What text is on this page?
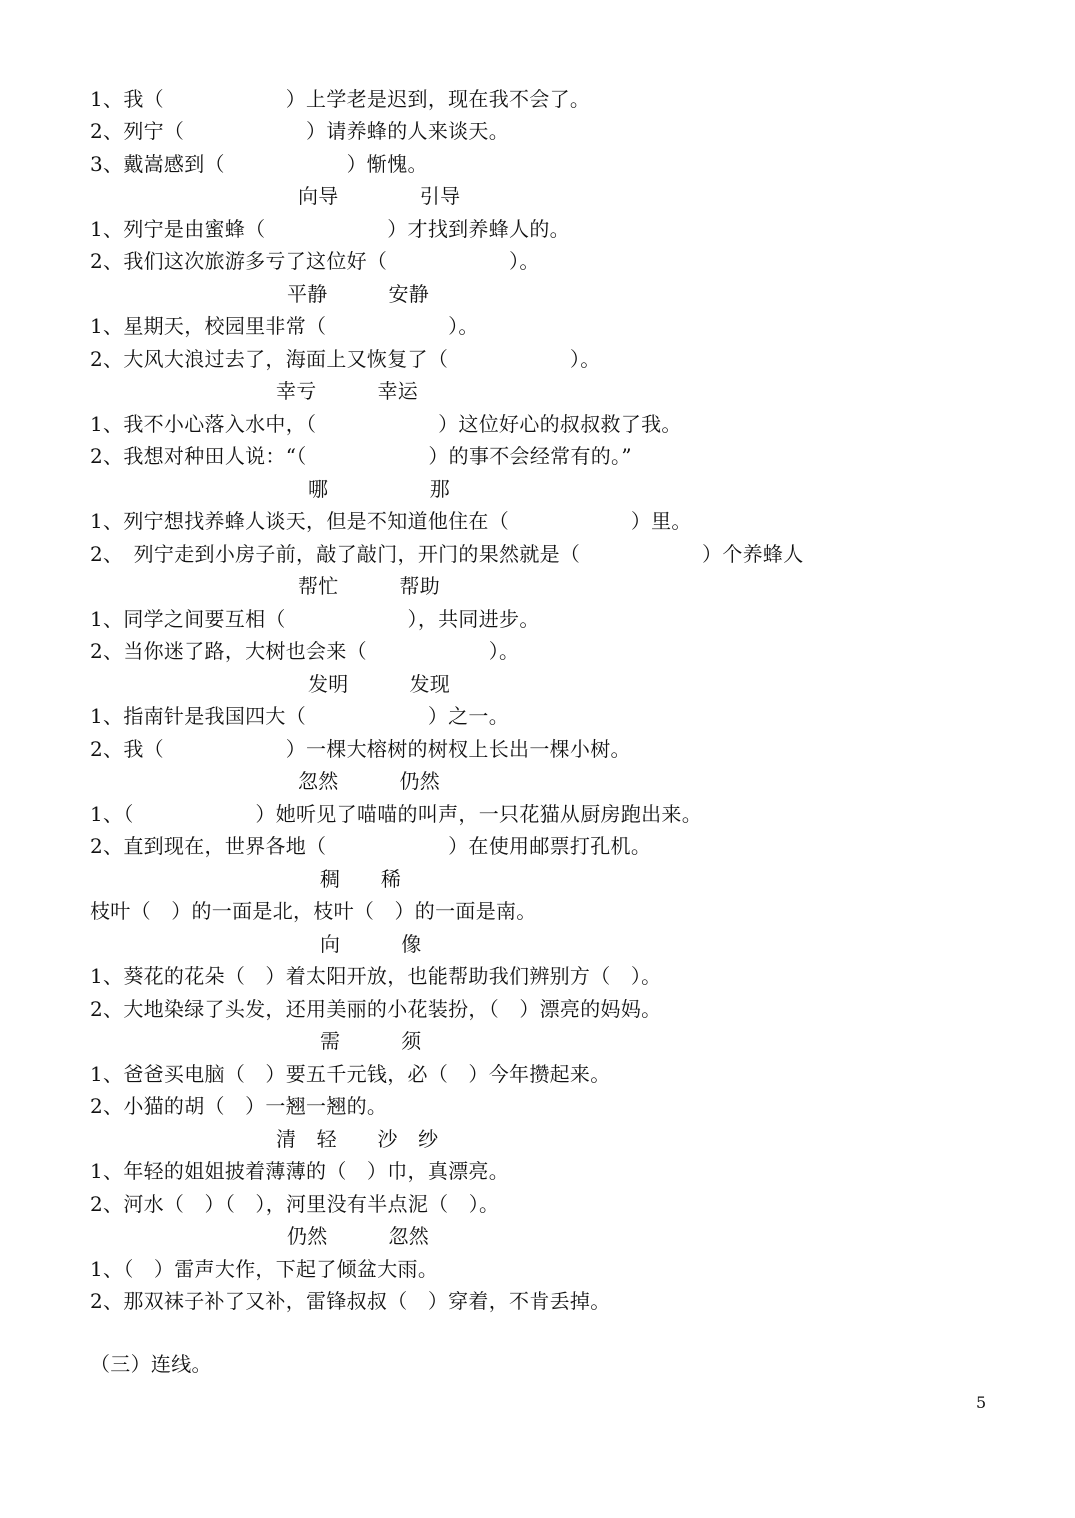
1、我（　　　　　　）上学老是迟到，现在我不会了。
2、列宁（　　　　　　）请养蜂的人来谈天。
3、戴嵩感到（　　　　　　）惭愧。
向导　　　　引导
1、列宁是由蜜蜂（　　　　　　）才找到养蜂人的。
2、我们这次旅游多亏了这位好（　　　　　　）。
平静　　　安静
1、星期天，校园里非常（　　　　　　）。
2、大风大浪过去了，海面上又恢复了（　　　　　　）。
幸亏　　　幸运
1、我不小心落入水中，（　　　　　　）这位好心的叔叔救了我。
2、我想对种田人说：“（　　　　　　）的事不会经常有的。”
哪　　　　　那
1、列宁想找养蜂人谈天，但是不知道他住在（　　　　　　）里。
2、　列宁走到小房子前，敲了敲门，开门的果然就是（　　　　　　）个养蜂人
帮忙　　　帮助
1、同学之间要互相（　　　　　　），共同进步。
2、当你迷了路，大树也会来（　　　　　　）。
发明　　　发现
1、指南针是我国四大（　　　　　　）之一。
2、我（　　　　　　）一棵大榕树的树杈上长出一棵小树。
忽然　　　仍然
1、（　　　　　　）她听见了喵喵的叫声，一只花猫从厨房跑出来。
2、直到现在，世界各地（　　　　　　）在使用邮票打孔机。
稠　　稀
枝叶（　）的一面是北，枝叶（　）的一面是南。
向　　　像
1、葵花的花朵（　）着太阳开放，也能帮助我们辨别方（　）。
2、大地染绿了头发，还用美丽的小花装扮，（　）漂亮的妈妈。
需　　　须
1、爸爸买电脑（　）要五千元钱，必（　）今年攒起来。
2、小猫的胡（　）一翘一翘的。
清　轻　　沙　纱
1、年轻的姐姐披着薄薄的（　）巾，真漂亮。
2、河水（　）（　），河里没有半点泥（　）。
仍然　　　忽然
1、（　）雷声大作，下起了倾盆大雨。
2、那双袜子补了又补，雷锋叔叔（　）穿着，不肯丢掉。
（三）连线。
5
